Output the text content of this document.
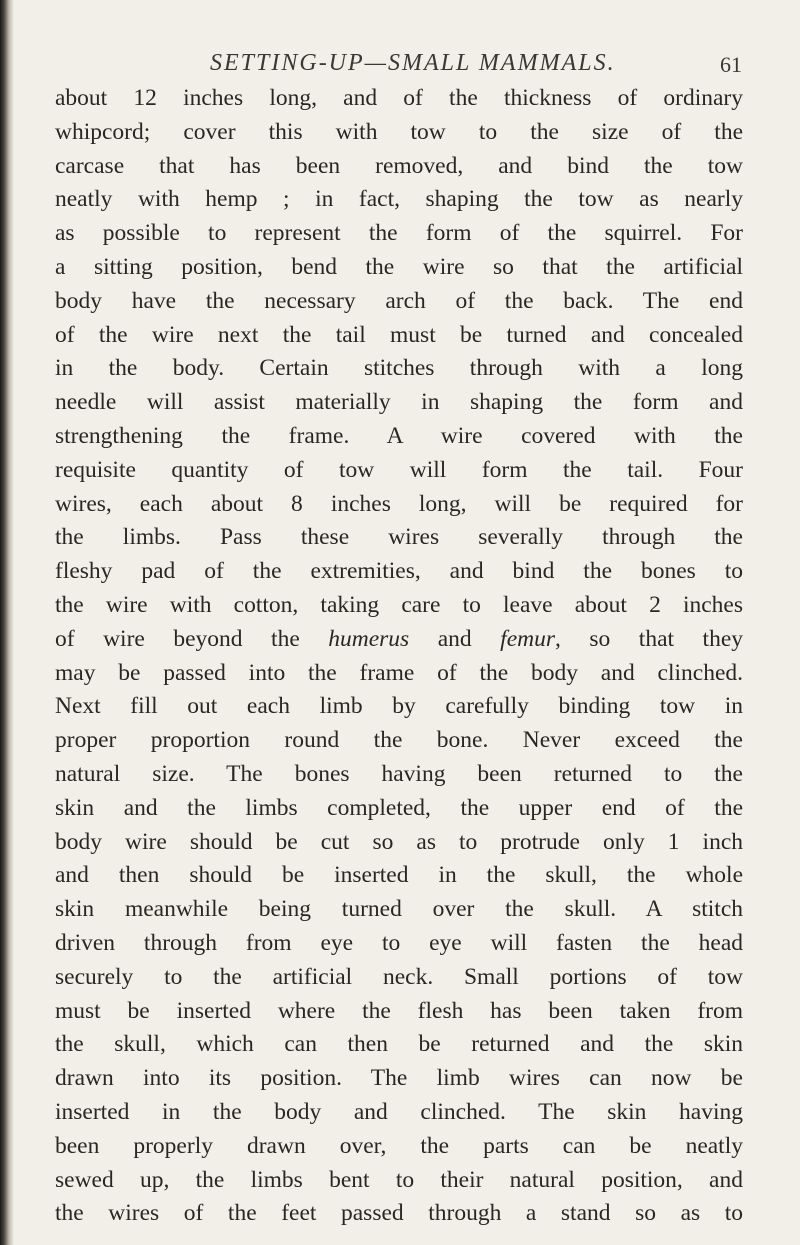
SETTING-UP—SMALL MAMMALS.	61
about 12 inches long, and of the thickness of ordinary
whipcord; cover this with tow to the size of the
carcase that has been removed, and bind the tow
neatly with hemp ; in fact, shaping the tow as nearly
as possible to represent the form of the squirrel. For
a sitting position, bend the wire so that the artificial
body have the necessary arch of the back. The end
of the wire next the tail must be turned and concealed
in the body. Certain stitches through with a long
needle will assist materially in shaping the form and
strengthening the frame. A wire covered with the
requisite quantity of tow will form the tail. Four
wires, each about 8 inches long, will be required for
the limbs. Pass these wires severally through the
fleshy pad of the extremities, and bind the bones to
the wire with cotton, taking care to leave about 2 inches
of wire beyond the humerus and femur, so that they
may be passed into the frame of the body and clinched.
Next fill out each limb by carefully binding tow in
proper proportion round the bone. Never exceed the
natural size. The bones having been returned to the
skin and the limbs completed, the upper end of the
body wire should be cut so as to protrude only 1 inch
and then should be inserted in the skull, the whole
skin meanwhile being turned over the skull. A stitch
driven through from eye to eye will fasten the head
securely to the artificial neck. Small portions of tow
must be inserted where the flesh has been taken from
the skull, which can then be returned and the skin
drawn into its position. The limb wires can now be
inserted in the body and clinched. The skin having
been properly drawn over, the parts can be neatly
sewed up, the limbs bent to their natural position, and
the wires of the feet passed through a stand so as to
